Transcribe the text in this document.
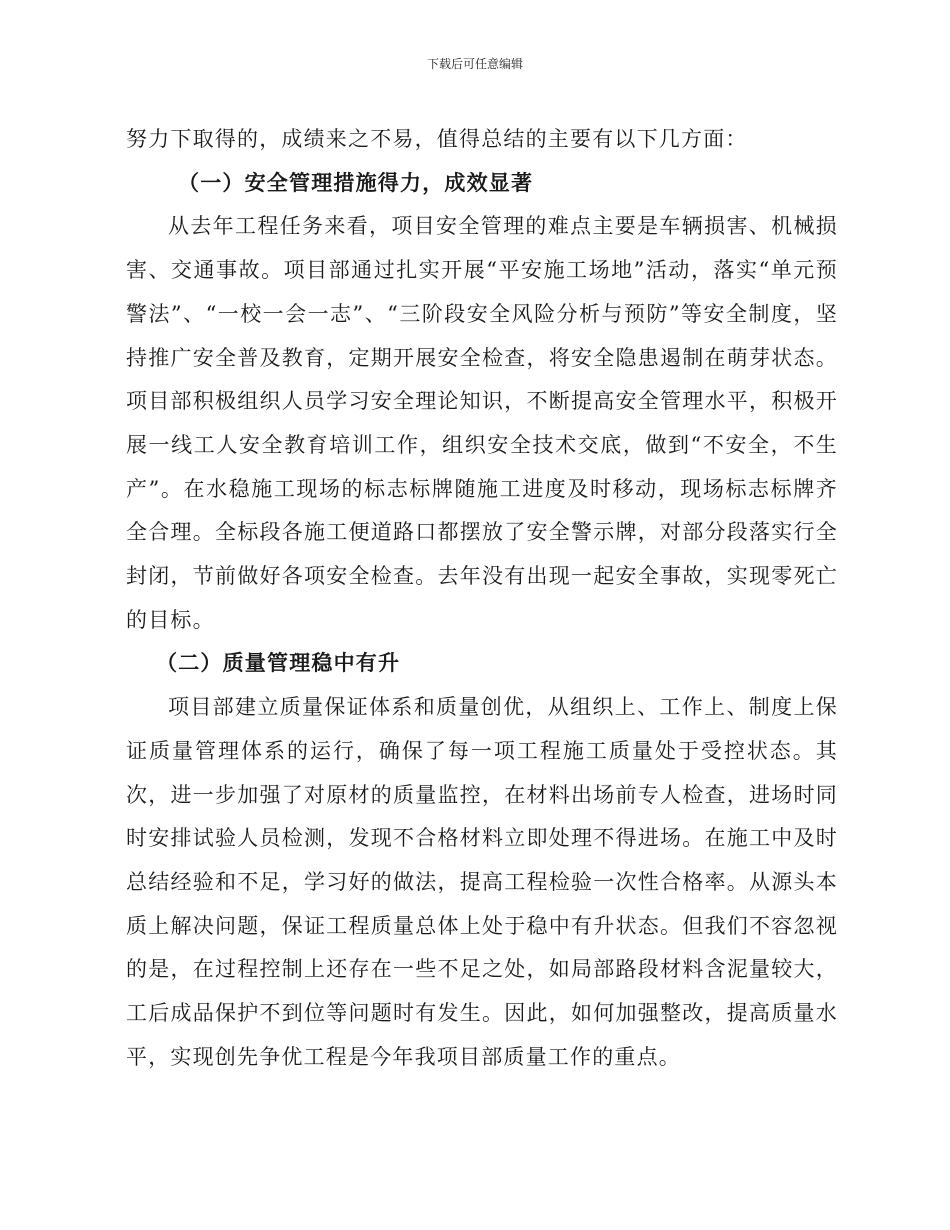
下载后可任意编辑

努力下取得的，成绩来之不易，值得总结的主要有以下几方面：

（一）安全管理措施得力，成效显著

从去年工程任务来看，项目安全管理的难点主要是车辆损害、机械损害、交通事故。项目部通过扎实开展“平安施工场地”活动，落实“单元预警法”、“一校一会一志”、“三阶段安全风险分析与预防”等安全制度，坚持推广安全普及教育，定期开展安全检查，将安全隐患遏制在萌芽状态。项目部积极组织人员学习安全理论知识，不断提高安全管理水平，积极开展一线工人安全教育培训工作，组织安全技术交底，做到“不安全，不生产”。在水稳施工现场的标志标牌随施工进度及时移动，现场标志标牌齐全合理。全标段各施工便道路口都摆放了安全警示牌，对部分段落实行全封闭，节前做好各项安全检查。去年没有出现一起安全事故，实现零死亡的目标。

（二）质量管理稳中有升

项目部建立质量保证体系和质量创优，从组织上、工作上、制度上保证质量管理体系的运行，确保了每一项工程施工质量处于受控状态。其次，进一步加强了对原材的质量监控，在材料出场前专人检查，进场时同时安排试验人员检测，发现不合格材料立即处理不得进场。在施工中及时总结经验和不足，学习好的做法，提高工程检验一次性合格率。从源头本质上解决问题，保证工程质量总体上处于稳中有升状态。但我们不容忽视的是，在过程控制上还存在一些不足之处，如局部路段材料含泥量较大，工后成品保护不到位等问题时有发生。因此，如何加强整改，提高质量水平，实现创先争优工程是今年我项目部质量工作的重点。
